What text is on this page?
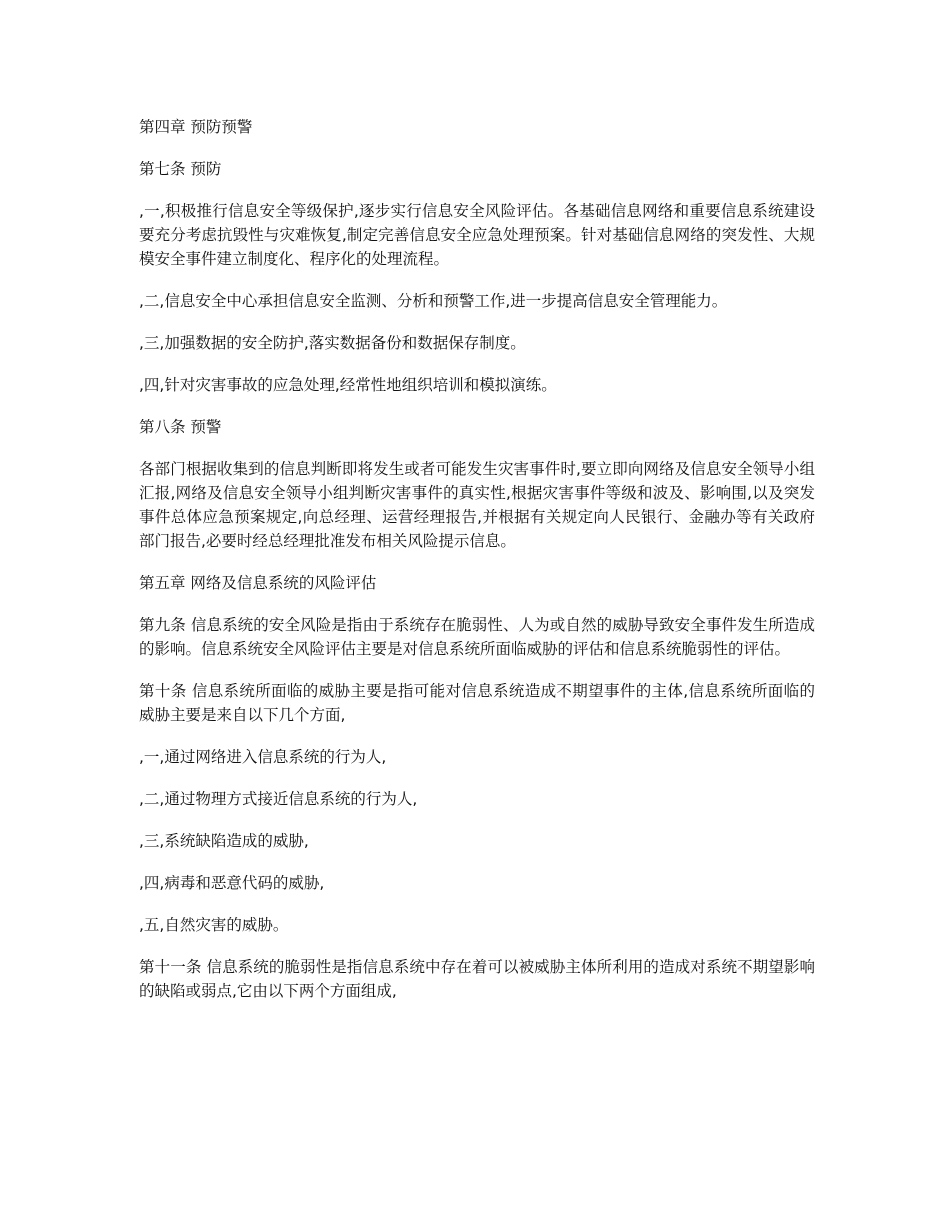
第四章 预防预警

第七条 预防

,一,积极推行信息安全等级保护,逐步实行信息安全风险评估。各基础信息网络和重要信息系统建设要充分考虑抗毁性与灾难恢复,制定完善信息安全应急处理预案。针对基础信息网络的突发性、大规模安全事件建立制度化、程序化的处理流程。

,二,信息安全中心承担信息安全监测、分析和预警工作,进一步提高信息安全管理能力。

,三,加强数据的安全防护,落实数据备份和数据保存制度。

,四,针对灾害事故的应急处理,经常性地组织培训和模拟演练。

第八条 预警

各部门根据收集到的信息判断即将发生或者可能发生灾害事件时,要立即向网络及信息安全领导小组汇报,网络及信息安全领导小组判断灾害事件的真实性,根据灾害事件等级和波及、影响围,以及突发事件总体应急预案规定,向总经理、运营经理报告,并根据有关规定向人民银行、金融办等有关政府部门报告,必要时经总经理批准发布相关风险提示信息。

第五章 网络及信息系统的风险评估

第九条 信息系统的安全风险是指由于系统存在脆弱性、人为或自然的威胁导致安全事件发生所造成的影响。信息系统安全风险评估主要是对信息系统所面临威胁的评估和信息系统脆弱性的评估。

第十条 信息系统所面临的威胁主要是指可能对信息系统造成不期望事件的主体,信息系统所面临的威胁主要是来自以下几个方面,

,一,通过网络进入信息系统的行为人,

,二,通过物理方式接近信息系统的行为人,

,三,系统缺陷造成的威胁,

,四,病毒和恶意代码的威胁,

,五,自然灾害的威胁。

第十一条 信息系统的脆弱性是指信息系统中存在着可以被威胁主体所利用的造成对系统不期望影响的缺陷或弱点,它由以下两个方面组成,
